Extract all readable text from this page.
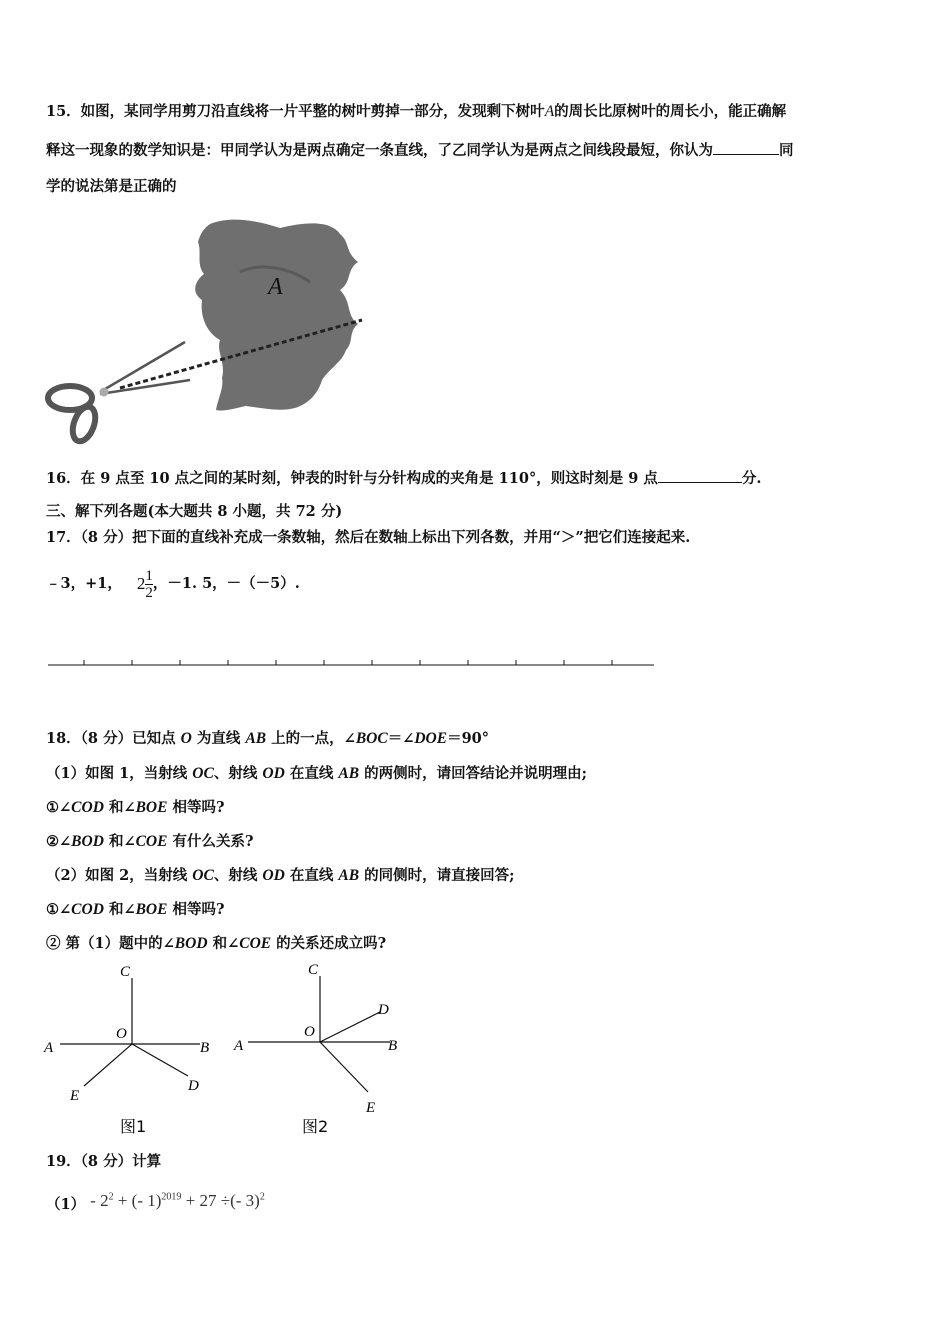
15．如图，某同学用剪刀沿直线将一片平整的树叶剪掉一部分，发现剩下树叶A的周长比原树叶的周长小，能正确解
释这一现象的数学知识是：甲同学认为是两点确定一条直线，了乙同学认为是两点之间线段最短，你认为	同
学的说法第是正确的
A
16．在 9 点至 10 点之间的某时刻，钟表的时针与分针构成的夹角是 110°，则这时刻是 9 点	分.
三、解下列各题(本大题共 8 小题，共 72 分)
17．（8 分）把下面的直线补充成一条数轴，然后在数轴上标出下列各数，并用“＞”把它们连接起来.
﹣3，+1， $2 \frac{1}{2}$ ，－1. 5，－（－5）.
18．（8 分）已知点 O 为直线 AB 上的一点，∠BOC＝∠DOE＝90°
（1）如图 1，当射线 OC、射线 OD 在直线 AB 的两侧时，请回答结论并说明理由;
①∠COD 和∠BOE 相等吗?
②∠BOD 和∠COE 有什么关系?
（2）如图 2，当射线 OC、射线 OD 在直线 AB 的同侧时，请直接回答;
①∠COD 和∠BOE 相等吗?
② 第（1）题中的∠BOD 和∠COE 的关系还成立吗?
C
O
A	B
E
D
图1
C
D
O
A	B
E
图2
19．（8 分）计算
$(1) - 2^2$ + (- 1)$^{2019}$ + 27 ÷(- 3)$^2$
